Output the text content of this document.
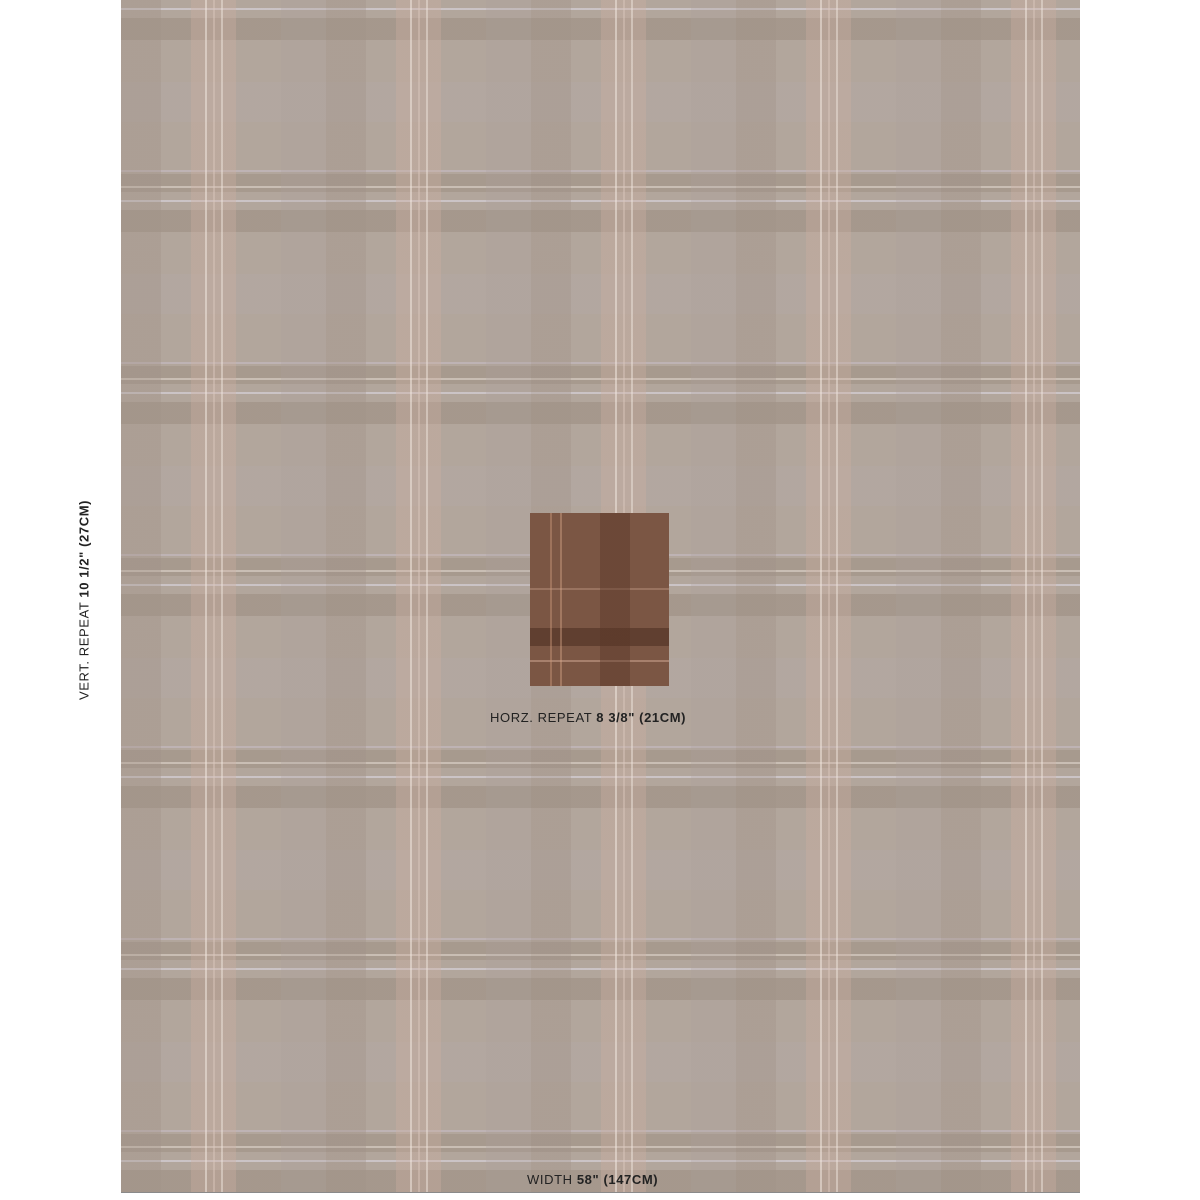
HORZ. REPEAT 8 3/8" (21CM)
VERT. REPEAT 10 1/2" (27CM)
WIDTH 58" (147CM)
